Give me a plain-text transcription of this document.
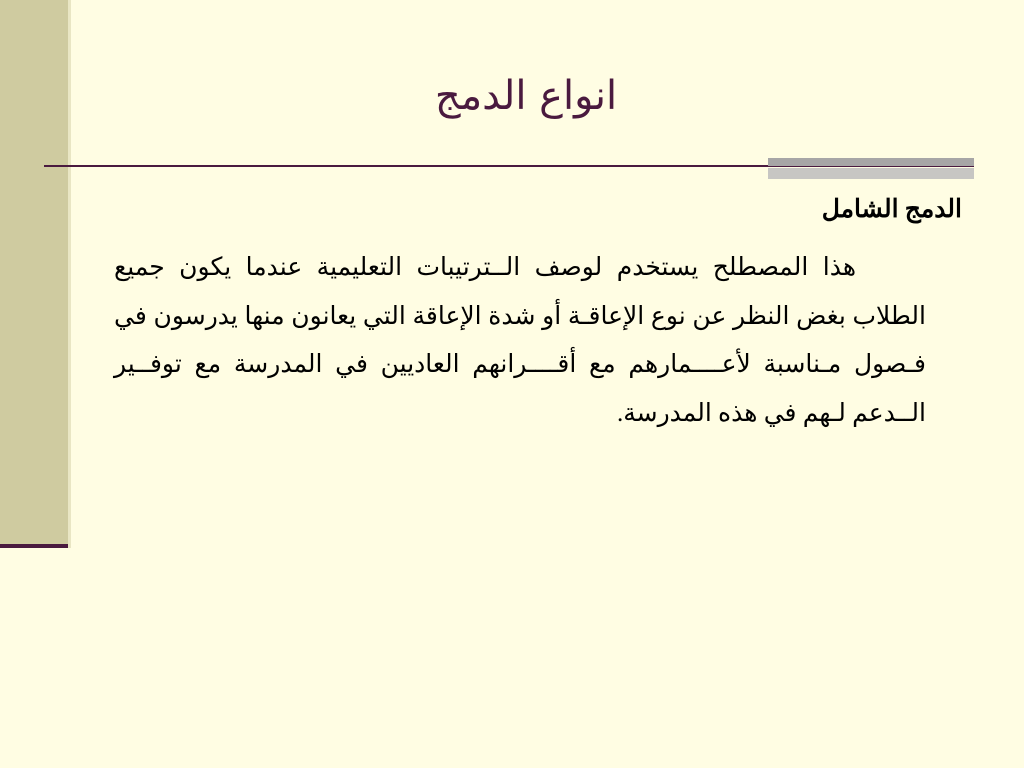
انواع الدمج
الدمج الشامل

هذا المصطلح يستخدم لوصف الــترتيبات التعليمية عندما يكون جميع الطلاب بغض النظر عن نوع الإعاقـة أو شدة الإعاقة التي يعانون منها يدرسون في فـصول مـناسبة لأعــــمارهم مع أقــــرانهم العاديين في المدرسة مع توفــير الــدعم لـهم في هذه المدرسة.
